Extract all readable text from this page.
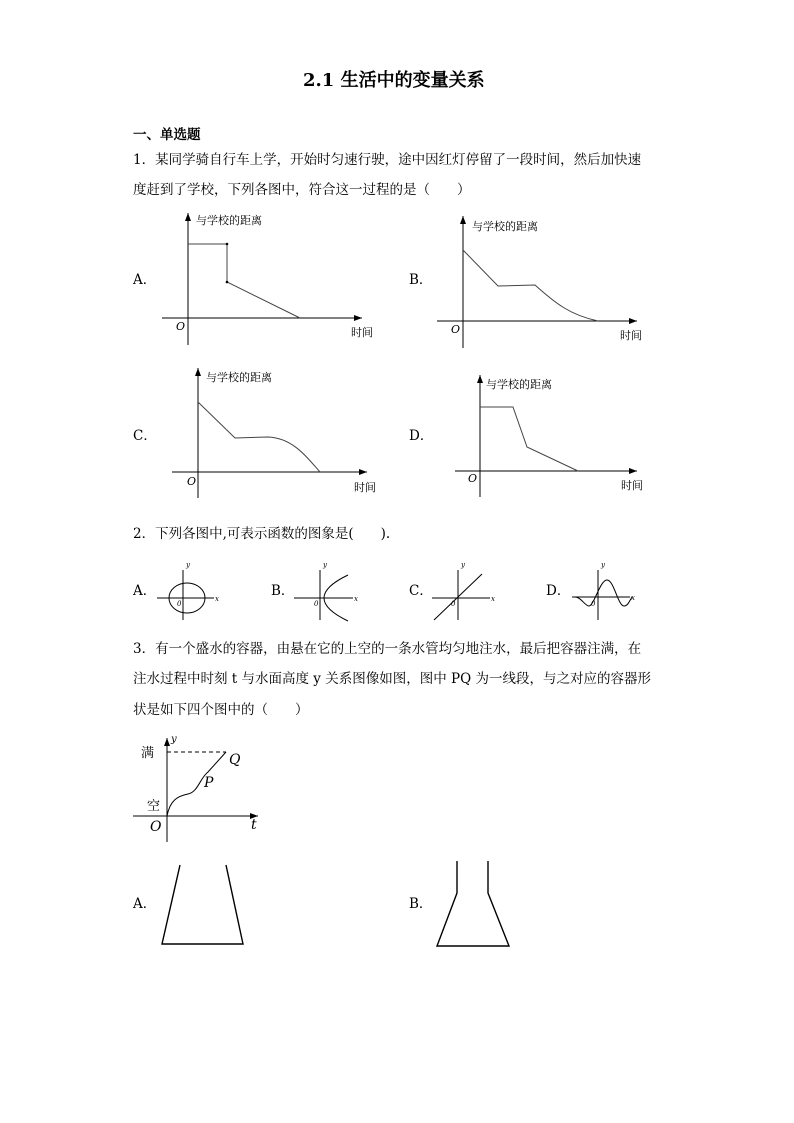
2.1 生活中的变量关系
一、单选题
1．某同学骑自行车上学，开始时匀速行驶，途中因红灯停留了一段时间，然后加快速
度赶到了学校，下列各图中，符合这一过程的是（　　）
A．	B．
C．	D．
与学校的距离
时间
O
与学校的距离
时间
O
与学校的距离
时间
O
与学校的距离
时间
O
2．下列各图中,可表示函数的图象是(　　).
A．	B．	C．	D．
y
x
0
y
x
0
y
x
0
y
x
0
3．有一个盛水的容器，由悬在它的上空的一条水管均匀地注水，最后把容器注满，在
注水过程中时刻 t 与水面高度 y 关系图像如图，图中 PQ 为一线段，与之对应的容器形
状是如下四个图中的（　　）
满
空
y
t
O
P
Q
A．	B．
